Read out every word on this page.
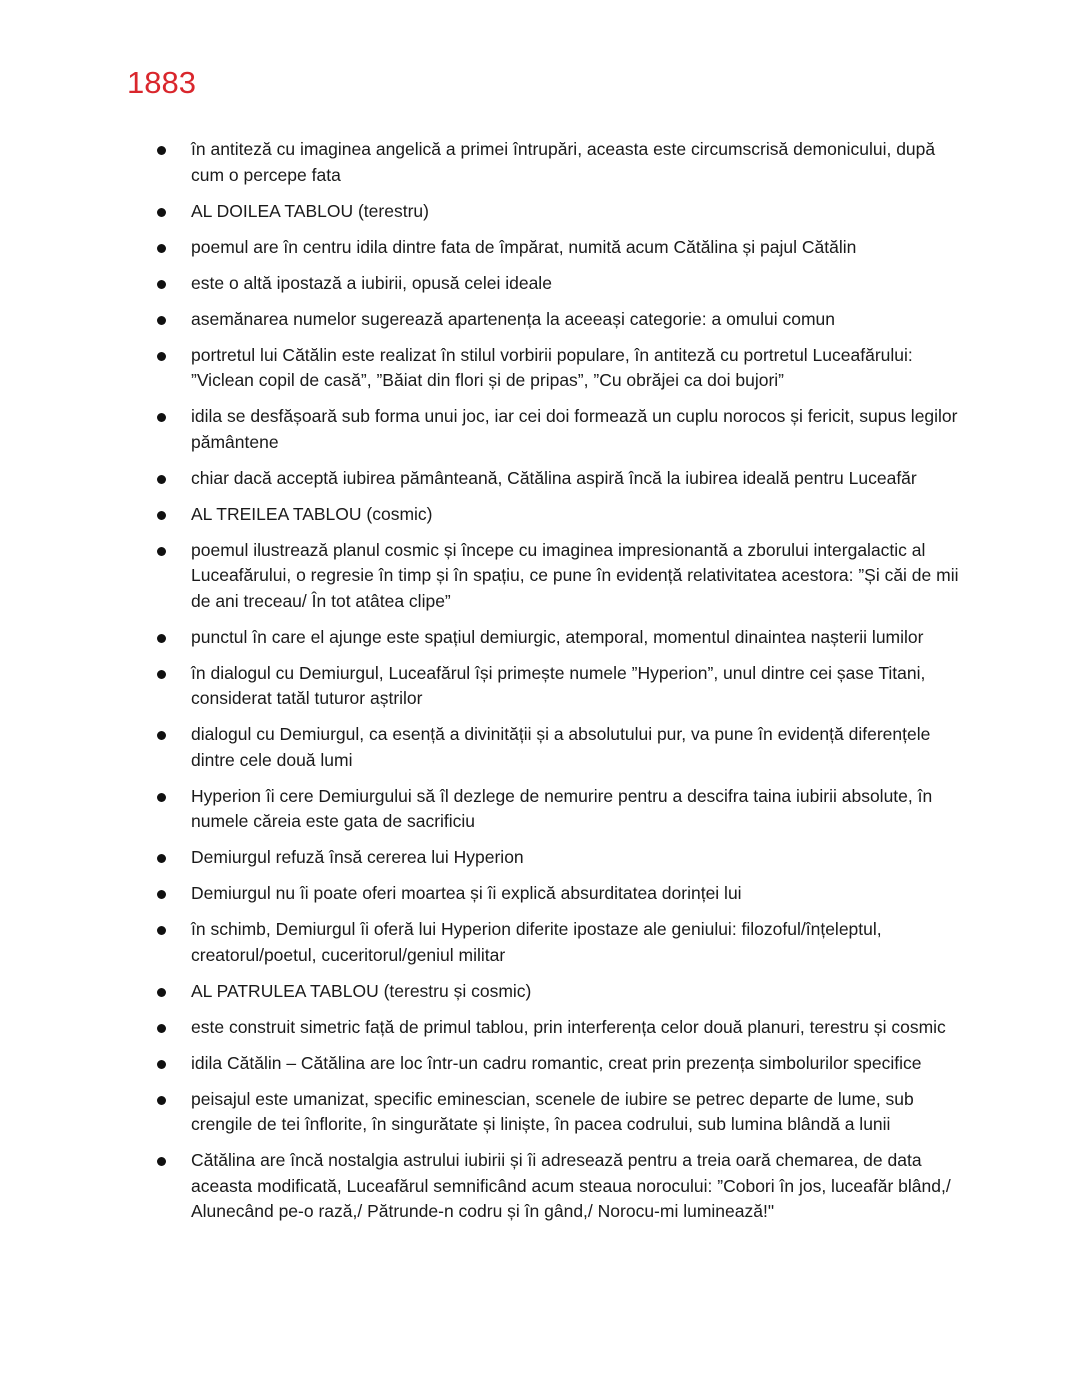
1883
în antiteză cu imaginea angelică a primei întrupări, aceasta este circumscrisă demonicului, după cum o percepe fata
AL DOILEA TABLOU (terestru)
poemul are în centru idila dintre fata de împărat, numită acum Cătălina și pajul Cătălin
este o altă ipostază a iubirii, opusă celei ideale
asemănarea numelor sugerează apartenența la aceeași categorie: a omului comun
portretul lui Cătălin este realizat în stilul vorbirii populare, în antiteză cu portretul Luceafărului: ”Viclean copil de casă”, ”Băiat din flori și de pripas”, ”Cu obrăjei ca doi bujori”
idila se desfășoară sub forma unui joc, iar cei doi formează un cuplu norocos și fericit, supus legilor pământene
chiar dacă acceptă iubirea pământeană, Cătălina aspiră încă la iubirea ideală pentru Luceafăr
AL TREILEA TABLOU (cosmic)
poemul ilustrează planul cosmic și începe cu imaginea impresionantă a zborului intergalactic al Luceafărului, o regresie în timp și în spațiu, ce pune în evidență relativitatea acestora: ”Și căi de mii de ani treceau/ În tot atâtea clipe”
punctul în care el ajunge este spațiul demiurgic, atemporal, momentul dinaintea nașterii lumilor
în dialogul cu Demiurgul, Luceafărul își primește numele ”Hyperion”, unul dintre cei șase Titani, considerat tatăl tuturor aștrilor
dialogul cu Demiurgul, ca esență a divinității și a absolutului pur, va pune în evidență diferențele dintre cele două lumi
Hyperion îi cere Demiurgului să îl dezlege de nemurire pentru a descifra taina iubirii absolute, în numele căreia este gata de sacrificiu
Demiurgul refuză însă cererea lui Hyperion
Demiurgul nu îi poate oferi moartea și îi explică absurditatea dorinței lui
în schimb, Demiurgul îi oferă lui Hyperion diferite ipostaze ale geniului: filozoful/înțeleptul, creatorul/poetul, cuceritorul/geniul militar
AL PATRULEA TABLOU (terestru și cosmic)
este construit simetric față de primul tablou, prin interferența celor două planuri, terestru și cosmic
idila Cătălin – Cătălina are loc într-un cadru romantic, creat prin prezența simbolurilor specifice
peisajul este umanizat, specific eminescian, scenele de iubire se petrec departe de lume, sub crengile de tei înflorite, în singurătate și liniște, în pacea codrului, sub lumina blândă a lunii
Cătălina are încă nostalgia astrului iubirii și îi adresează pentru a treia oară chemarea, de data aceasta modificată, Luceafărul semnificând acum steaua norocului: ”Cobori în jos, luceafăr blând,/ Alunecând pe-o rază,/ Pătrunde-n codru și în gând,/ Norocu-mi luminează!"
